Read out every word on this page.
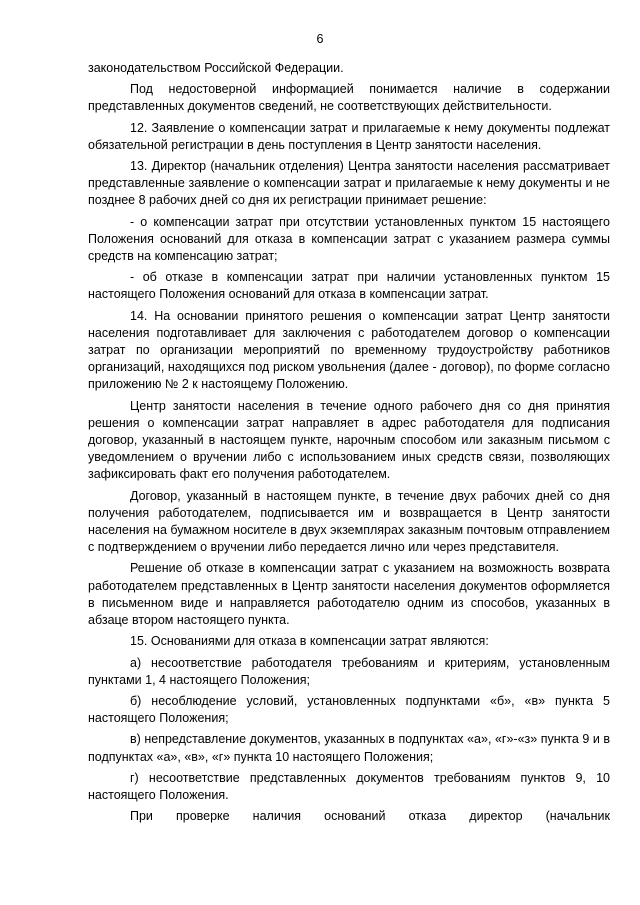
6

законодательством Российской Федерации.

Под недостоверной информацией понимается наличие в содержании представленных документов сведений, не соответствующих действительности.

12. Заявление о компенсации затрат и прилагаемые к нему документы подлежат обязательной регистрации в день поступления в Центр занятости населения.

13. Директор (начальник отделения) Центра занятости населения рассматривает представленные заявление о компенсации затрат и прилагаемые к нему документы и не позднее 8 рабочих дней со дня их регистрации принимает решение:

- о компенсации затрат при отсутствии установленных пунктом 15 настоящего Положения оснований для отказа в компенсации затрат с указанием размера суммы средств на компенсацию затрат;

- об отказе в компенсации затрат при наличии установленных пунктом 15 настоящего Положения оснований для отказа в компенсации затрат.

14. На основании принятого решения о компенсации затрат Центр занятости населения подготавливает для заключения с работодателем договор о компенсации затрат по организации мероприятий по временному трудоустройству работников организаций, находящихся под риском увольнения (далее - договор), по форме согласно приложению № 2 к настоящему Положению.

Центр занятости населения в течение одного рабочего дня со дня принятия решения о компенсации затрат направляет в адрес работодателя для подписания договор, указанный в настоящем пункте, нарочным способом или заказным письмом с уведомлением о вручении либо с использованием иных средств связи, позволяющих зафиксировать факт его получения работодателем.

Договор, указанный в настоящем пункте, в течение двух рабочих дней со дня получения работодателем, подписывается им и возвращается в Центр занятости населения на бумажном носителе в двух экземплярах заказным почтовым отправлением с подтверждением о вручении либо передается лично или через представителя.

Решение об отказе в компенсации затрат с указанием на возможность возврата работодателем представленных в Центр занятости населения документов оформляется в письменном виде и направляется работодателю одним из способов, указанных в абзаце втором настоящего пункта.

15. Основаниями для отказа в компенсации затрат являются:

а) несоответствие работодателя требованиям и критериям, установленным пунктами 1, 4 настоящего Положения;

б) несоблюдение условий, установленных подпунктами «б», «в» пункта 5 настоящего Положения;

в) непредставление документов, указанных в подпунктах «а», «г»-«з» пункта 9 и в подпунктах «а», «в», «г» пункта 10 настоящего Положения;

г) несоответствие представленных документов требованиям пунктов 9, 10 настоящего Положения.

При проверке наличия оснований отказа директор (начальник
